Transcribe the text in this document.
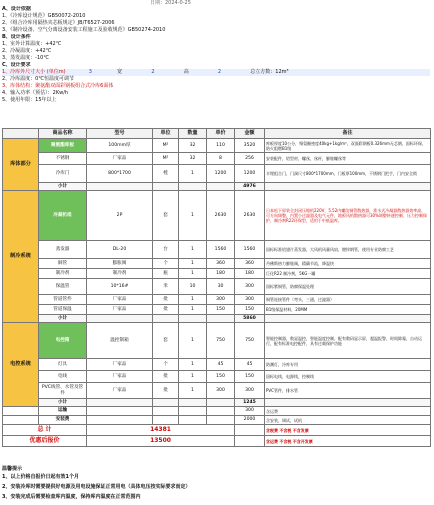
日期：2024-0-25
A、设计依据
1、《冷库设计规范》GB50072-2010
2、《组合冷库用隔热夹芯板规定》JB/T6527-2006
3、《制冷设备、空气分离设备安装工程施工及验收规范》GB50274-2010
B、设计条件
1、室外计算温度：+42℃
2、冷凝温度：+42℃
3、蒸发温度：-10℃
C、设计要求
1、冷库外尺寸大小 (单位m)	3	宽	2	高	2	总立方数：12m³
2、冷库温度：0℃恒温度可调节
3、库体结构：聚氨酯双面彩钢板组合式冷库6面体
4、输入功率（预估）：2Kw/h
5、使用年限：15年以上
	商品名称	型号	单位	数量	单价	金额	备注
库体部分	聚氨酯库板	100mm厚	M²	32	110	3520	库板厚度10公分，聚氨酯密度40kg+1kg/m³，双面彩钢板0.326mm无芯钢，国标环保，防火阻燃B1级
	不锈钢	厂家品	M²	32	8	256	安装配件，铝型材，螺丝，丝杆，膨胀螺丝等
	冷库门	800*1700	樘	1	1200	1200	半埋组合门，门洞尺寸800*1700mm，门板厚100mm，不锈钢门把手，门内安全锁
	小计					4976	
制冷系统	冷凝机组	2P	套	1	2630	2630	日本松下原装全封闭压缩机220V，5.52内螺纹铜管散热器，淮水式冷凝器散热器效率高，可方向调整，内置小过滤器及电气元件，地板风机散热器可30%调整转速控制，压力控制保护，制冷剂R22环保型，适用于中低温库。
	蒸发器	DL-20	台	1	1560	1560	国标标准铝翅片蒸发器，大风机风量风扇，镀锌钢管，使用专业防腐工艺
	铜管	膨胀阀	个	1	360	360	丹佛斯热力膨胀阀，精确节流，降温快
	制冷剂	制冷剂	瓶	1	180	180	巨化R22 制冷剂，5KG一罐
	保温管	10*16#	米	10	30	300	国标紫铜管，防腐保温处理
	管道管件	厂家品	批	1	300	300	铜管连接管件（弯头，三通，过滤器）
	管道保温	厂家品	批	1	150	150	B1级保温材料，20MM
	小计					5860	
电控系统	电控箱	温控制箱	套	1	750	750	智能控制器，数显温控，智能温度控制，配有数码显示屏，超温报警，时间除霜，自动运行，配有标准电控配件，具有过载保护功能
	灯具	厂家品	个	1	45	45	防潮灯，冷库专用
	电线	厂家品	批	1	150	150	国标电线，电源线，控制线
	PVC线管、水管及管件	厂家品	批	1	300	300	PVC管件，排水管
	小计					1245	
	运输					300	含运费
	安装费					2000	含安装，调试，试机
总 计		14381					含税费 不含税 不含发票
优惠后报价		13500					含运费 不含税 不含开发票
温馨提示
1、以上价格自报价日起有效1个月
2、安装冷库时需要提供好电源及用电设施保证正常用电（具体电压按实际要求而定）
3、安装完成后需要检查库内温度，保持库内温度在正常范围内
